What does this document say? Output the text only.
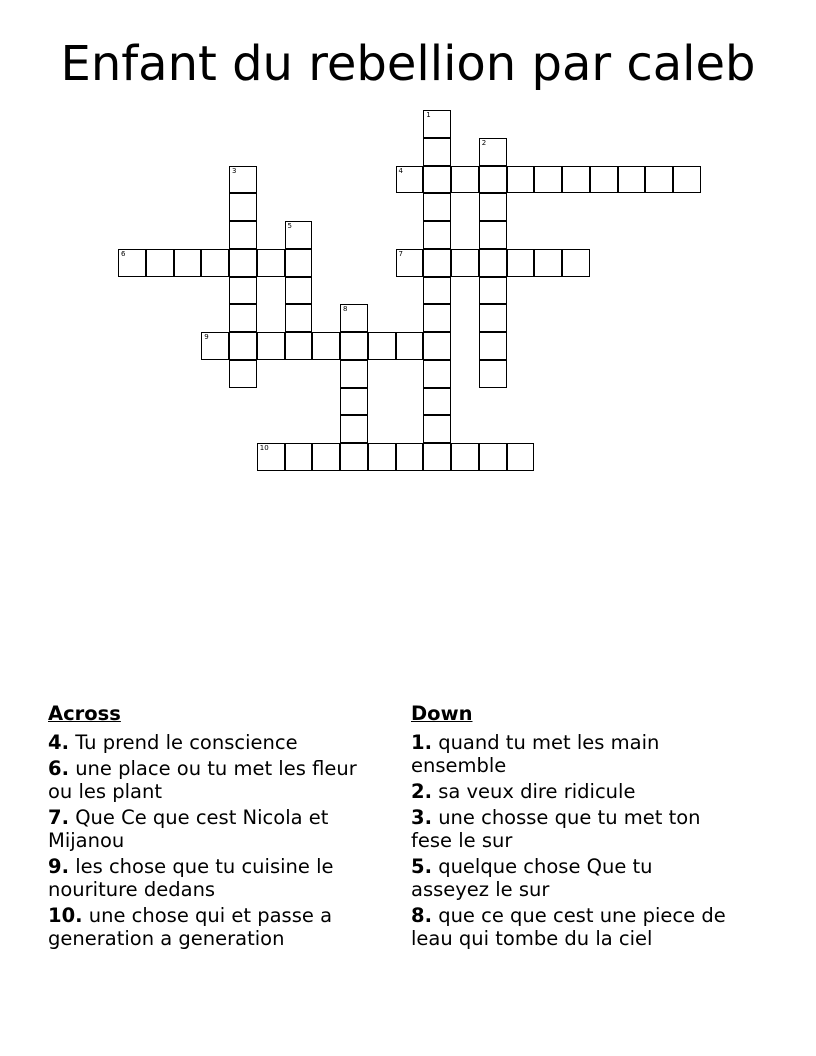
Enfant du rebellion par caleb
1
2
3	4
5
6	7
8
9
10
Across
4. Tu prend le conscience
6. une place ou tu met les fleur ou les plant
7. Que Ce que cest Nicola et Mijanou
9. les chose que tu cuisine le nouriture dedans
10. une chose qui et passe a generation a generation
Down
1. quand tu met les main ensemble
2. sa veux dire ridicule
3. une chosse que tu met ton fese le sur
5. quelque chose Que tu asseyez le sur
8. que ce que cest une piece de leau qui tombe du la ciel
